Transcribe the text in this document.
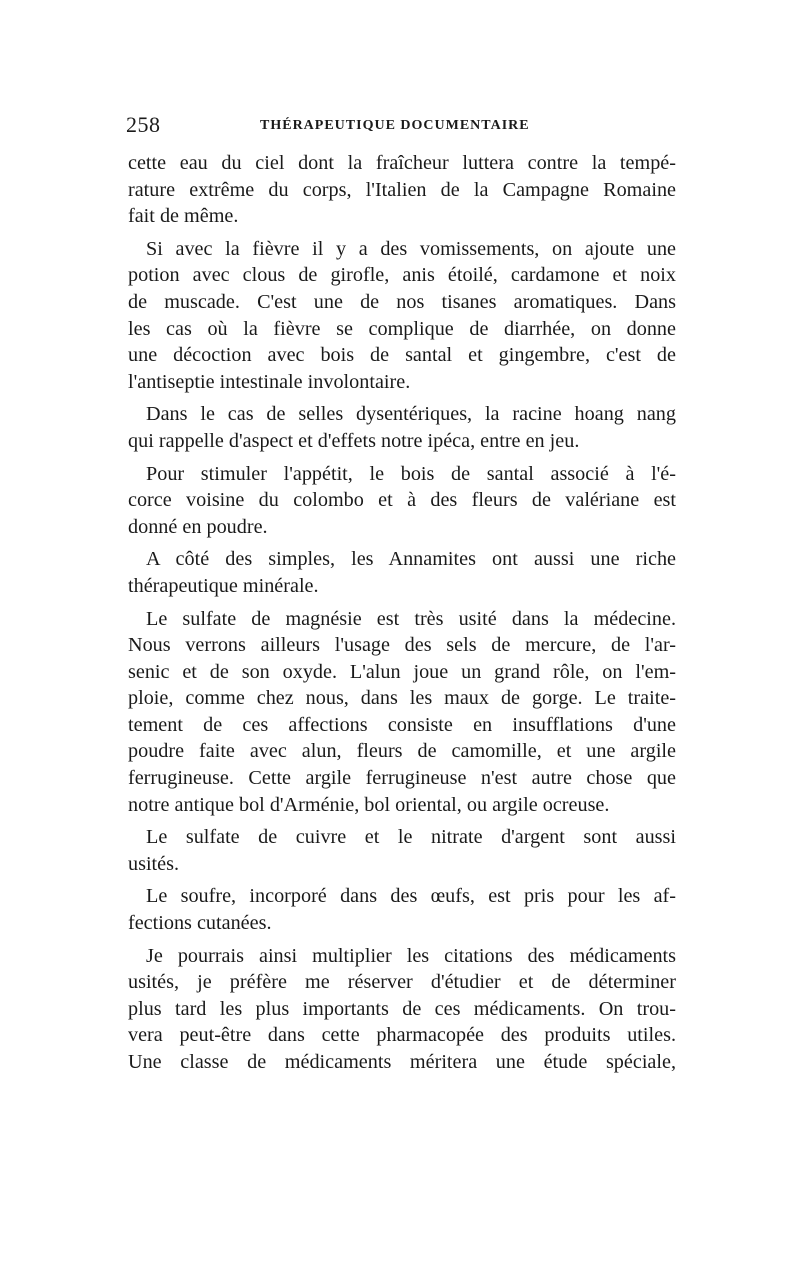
258	THÉRAPEUTIQUE DOCUMENTAIRE
cette eau du ciel dont la fraîcheur luttera contre la tempé-
rature extrême du corps, l'Italien de la Campagne Romaine
fait de même.
Si avec la fièvre il y a des vomissements, on ajoute une
potion avec clous de girofle, anis étoilé, cardamone et noix
de muscade. C'est une de nos tisanes aromatiques. Dans
les cas où la fièvre se complique de diarrhée, on donne
une décoction avec bois de santal et gingembre, c'est de
l'antiseptie intestinale involontaire.
Dans le cas de selles dysentériques, la racine hoang nang
qui rappelle d'aspect et d'effets notre ipéca, entre en jeu.
Pour stimuler l'appétit, le bois de santal associé à l'é-
corce voisine du colombo et à des fleurs de valériane est
donné en poudre.
A côté des simples, les Annamites ont aussi une riche
thérapeutique minérale.
Le sulfate de magnésie est très usité dans la médecine.
Nous verrons ailleurs l'usage des sels de mercure, de l'ar-
senic et de son oxyde. L'alun joue un grand rôle, on l'em-
ploie, comme chez nous, dans les maux de gorge. Le traite-
tement de ces affections consiste en insufflations d'une
poudre faite avec alun, fleurs de camomille, et une argile
ferrugineuse. Cette argile ferrugineuse n'est autre chose que
notre antique bol d'Arménie, bol oriental, ou argile ocreuse.
Le sulfate de cuivre et le nitrate d'argent sont aussi
usités.
Le soufre, incorporé dans des œufs, est pris pour les af-
fections cutanées.
Je pourrais ainsi multiplier les citations des médicaments
usités, je préfère me réserver d'étudier et de déterminer
plus tard les plus importants de ces médicaments. On trou-
vera peut-être dans cette pharmacopée des produits utiles.
Une classe de médicaments méritera une étude spéciale,
